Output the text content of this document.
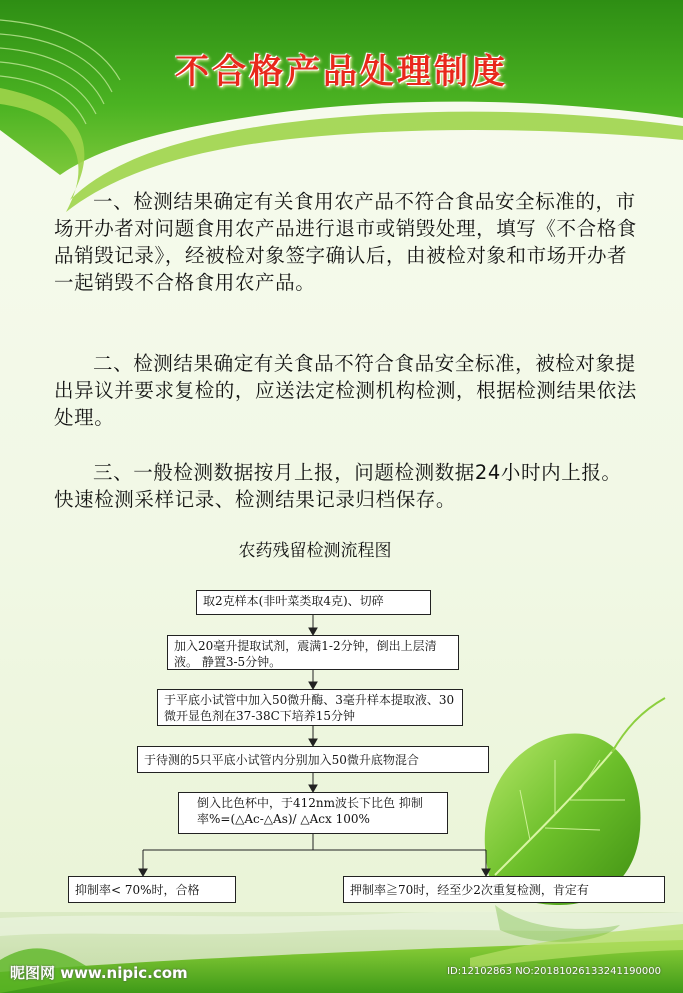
不合格产品处理制度

一、检测结果确定有关食用农产品不符合食品安全标准的，市场开办者对问题食用农产品进行退市或销毁处理，填写《不合格食品销毁记录》，经被检对象签字确认后，由被检对象和市场开办者一起销毁不合格食用农产品。

二、检测结果确定有关食品不符合食品安全标准，被检对象提出异议并要求复检的，应送法定检测机构检测，根据检测结果依法处理。

三、一般检测数据按月上报，问题检测数据24小时内上报。快速检测采样记录、检测结果记录归档保存。

农药残留检测流程图
取2克样本(非叶菜类取4克)、切碎
加入20毫升提取试剂，震满1-2分钟，倒出上层清液。 静置3-5分钟。
于平底小试管中加入50微升酶、3毫升样本提取液、30微开显色剂在37-38C下培养15分钟
于待测的5只平底小试管内分别加入50微升底物混合
倒入比色杯中，于412nm波长下比色 抑制率%=(△Ac-△As)/ △Acx 100%
抑制率< 70%时，合格	押制率≧70时，经至少2次重复检测，肯定有
昵图网 www.nipic.com	ID:12102863 NO:20181026133241190000
